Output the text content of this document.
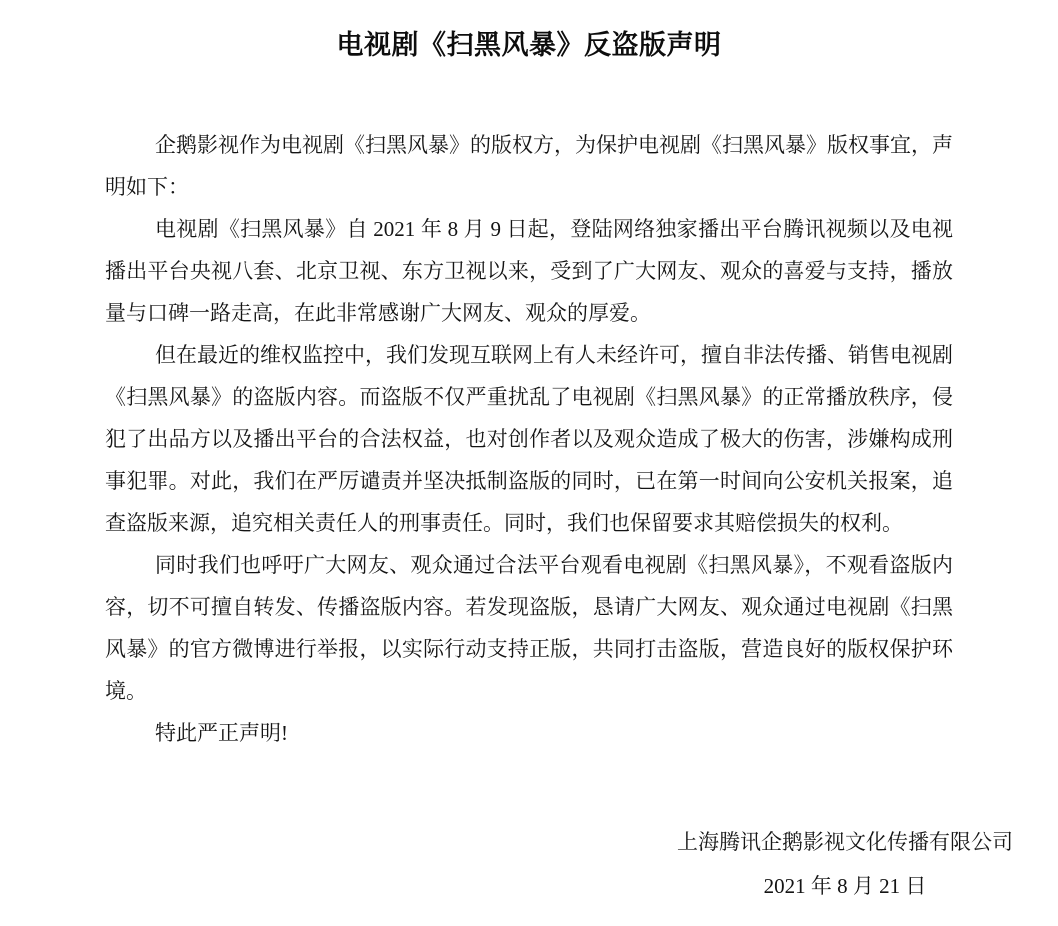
电视剧《扫黑风暴》反盗版声明
企鹅影视作为电视剧《扫黑风暴》的版权方，为保护电视剧《扫黑风暴》版权事宜，声
明如下：
电视剧《扫黑风暴》自 2021 年 8 月 9 日起，登陆网络独家播出平台腾讯视频以及电视
播出平台央视八套、北京卫视、东方卫视以来，受到了广大网友、观众的喜爱与支持，播放
量与口碑一路走高，在此非常感谢广大网友、观众的厚爱。
但在最近的维权监控中，我们发现互联网上有人未经许可，擅自非法传播、销售电视剧
《扫黑风暴》的盗版内容。而盗版不仅严重扰乱了电视剧《扫黑风暴》的正常播放秩序，侵
犯了出品方以及播出平台的合法权益，也对创作者以及观众造成了极大的伤害，涉嫌构成刑
事犯罪。对此，我们在严厉谴责并坚决抵制盗版的同时，已在第一时间向公安机关报案，追
查盗版来源，追究相关责任人的刑事责任。同时，我们也保留要求其赔偿损失的权利。
同时我们也呼吁广大网友、观众通过合法平台观看电视剧《扫黑风暴》，不观看盗版内
容，切不可擅自转发、传播盗版内容。若发现盗版，恳请广大网友、观众通过电视剧《扫黑
风暴》的官方微博进行举报，以实际行动支持正版，共同打击盗版，营造良好的版权保护环
境。
特此严正声明!
上海腾讯企鹅影视文化传播有限公司
2021 年 8 月 21 日
